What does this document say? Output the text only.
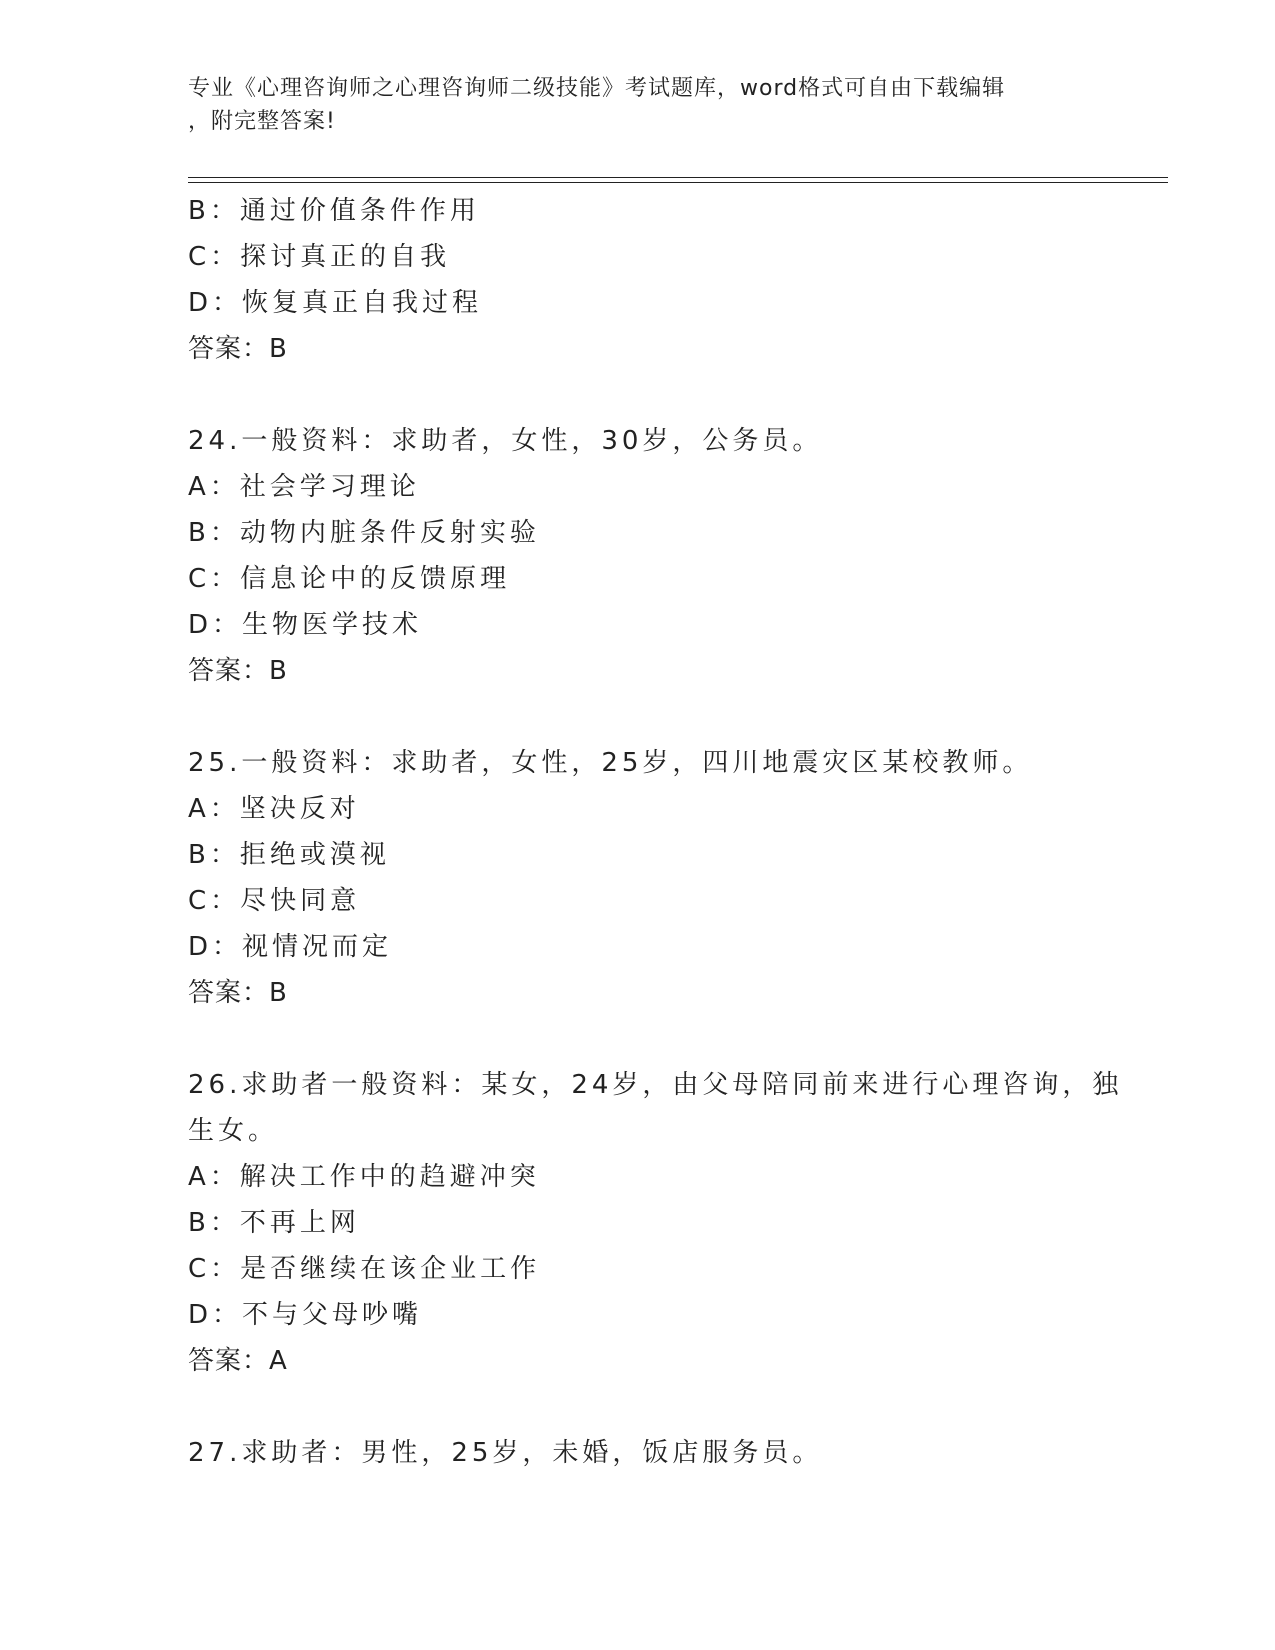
专业《心理咨询师之心理咨询师二级技能》考试题库，word格式可自由下载编辑
，附完整答案!
B：通过价值条件作用
C：探讨真正的自我
D：恢复真正自我过程
答案：B
24.一般资料：求助者，女性，30岁，公务员。
A：社会学习理论
B：动物内脏条件反射实验
C：信息论中的反馈原理
D：生物医学技术
答案：B
25.一般资料：求助者，女性，25岁，四川地震灾区某校教师。
A：坚决反对
B：拒绝或漠视
C：尽快同意
D：视情况而定
答案：B
26.求助者一般资料：某女，24岁，由父母陪同前来进行心理咨询，独
生女。
A：解决工作中的趋避冲突
B：不再上网
C：是否继续在该企业工作
D：不与父母吵嘴
答案：A
27.求助者：男性，25岁，未婚，饭店服务员。
